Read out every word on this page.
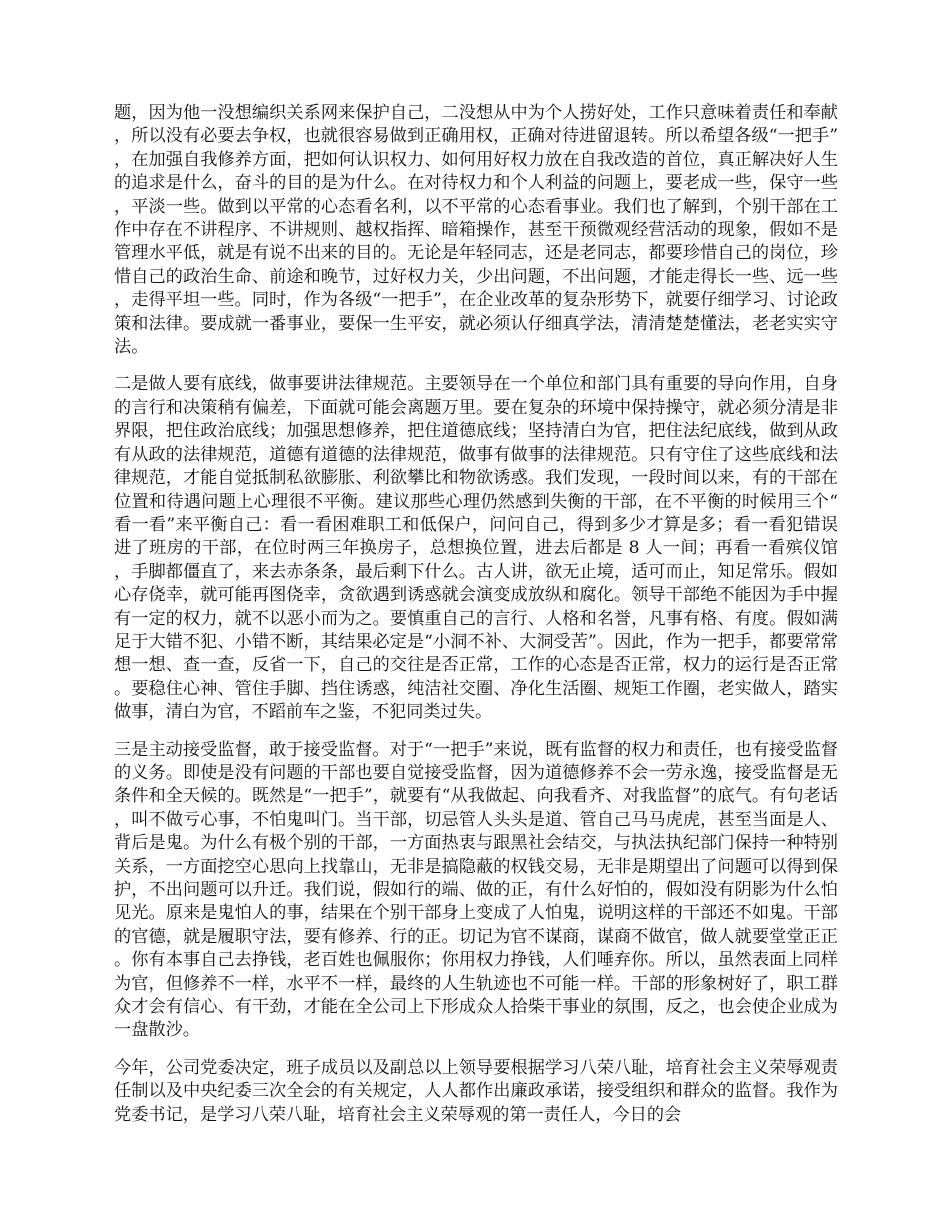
题，因为他一没想编织关系网来保护自己，二没想从中为个人捞好处，工作只意味着责任和奉献，所以没有必要去争权，也就很容易做到正确用权，正确对待进留退转。所以希望各级“一把手”，在加强自我修养方面，把如何认识权力、如何用好权力放在自我改造的首位，真正解决好人生的追求是什么，奋斗的目的是为什么。在对待权力和个人利益的问题上，要老成一些，保守一些，平淡一些。做到以平常的心态看名利，以不平常的心态看事业。我们也了解到，个别干部在工作中存在不讲程序、不讲规则、越权指挥、暗箱操作，甚至干预微观经营活动的现象，假如不是管理水平低，就是有说不出来的目的。无论是年轻同志，还是老同志，都要珍惜自己的岗位，珍惜自己的政治生命、前途和晚节，过好权力关，少出问题，不出问题，才能走得长一些、远一些，走得平坦一些。同时，作为各级“一把手”，在企业改革的复杂形势下，就要仔细学习、讨论政策和法律。要成就一番事业，要保一生平安，就必须认仔细真学法，清清楚楚懂法，老老实实守法。

二是做人要有底线，做事要讲法律规范。主要领导在一个单位和部门具有重要的导向作用，自身的言行和决策稍有偏差，下面就可能会离题万里。要在复杂的环境中保持操守，就必须分清是非界限，把住政治底线；加强思想修养，把住道德底线；坚持清白为官，把住法纪底线，做到从政有从政的法律规范，道德有道德的法律规范，做事有做事的法律规范。只有守住了这些底线和法律规范，才能自觉抵制私欲膨胀、利欲攀比和物欲诱惑。我们发现，一段时间以来，有的干部在位置和待遇问题上心理很不平衡。建议那些心理仍然感到失衡的干部，在不平衡的时候用三个“看一看”来平衡自己：看一看困难职工和低保户，问问自己，得到多少才算是多；看一看犯错误进了班房的干部，在位时两三年换房子，总想换位置，进去后都是 8 人一间；再看一看殡仪馆，手脚都僵直了，来去赤条条，最后剩下什么。古人讲，欲无止境，适可而止，知足常乐。假如心存侥幸，就可能再图侥幸，贪欲遇到诱惑就会演变成放纵和腐化。领导干部绝不能因为手中握有一定的权力，就不以恶小而为之。要慎重自己的言行、人格和名誉，凡事有格、有度。假如满足于大错不犯、小错不断，其结果必定是“小洞不补、大洞受苦”。因此，作为一把手，都要常常想一想、查一查，反省一下，自己的交往是否正常，工作的心态是否正常，权力的运行是否正常。要稳住心神、管住手脚、挡住诱惑，纯洁社交圈、净化生活圈、规矩工作圈，老实做人，踏实做事，清白为官，不蹈前车之鉴，不犯同类过失。

三是主动接受监督，敢于接受监督。对于“一把手”来说，既有监督的权力和责任，也有接受监督的义务。即使是没有问题的干部也要自觉接受监督，因为道德修养不会一劳永逸，接受监督是无条件和全天候的。既然是“一把手”，就要有“从我做起、向我看齐、对我监督”的底气。有句老话，叫不做亏心事，不怕鬼叫门。当干部，切忌管人头头是道、管自己马马虎虎，甚至当面是人、背后是鬼。为什么有极个别的干部，一方面热衷与跟黑社会结交，与执法执纪部门保持一种特别关系，一方面挖空心思向上找靠山，无非是搞隐蔽的权钱交易，无非是期望出了问题可以得到保护，不出问题可以升迁。我们说，假如行的端、做的正，有什么好怕的，假如没有阴影为什么怕见光。原来是鬼怕人的事，结果在个别干部身上变成了人怕鬼，说明这样的干部还不如鬼。干部的官德，就是履职守法，要有修养、行的正。切记为官不谋商，谋商不做官，做人就要堂堂正正。你有本事自己去挣钱，老百姓也佩服你；你用权力挣钱，人们唾弃你。所以，虽然表面上同样为官，但修养不一样，水平不一样，最终的人生轨迹也不可能一样。干部的形象树好了，职工群众才会有信心、有干劲，才能在全公司上下形成众人拾柴干事业的氛围，反之，也会使企业成为一盘散沙。

今年，公司党委决定，班子成员以及副总以上领导要根据学习八荣八耻，培育社会主义荣辱观责任制以及中央纪委三次全会的有关规定，人人都作出廉政承诺，接受组织和群众的监督。我作为党委书记，是学习八荣八耻，培育社会主义荣辱观的第一责任人，今日的会
